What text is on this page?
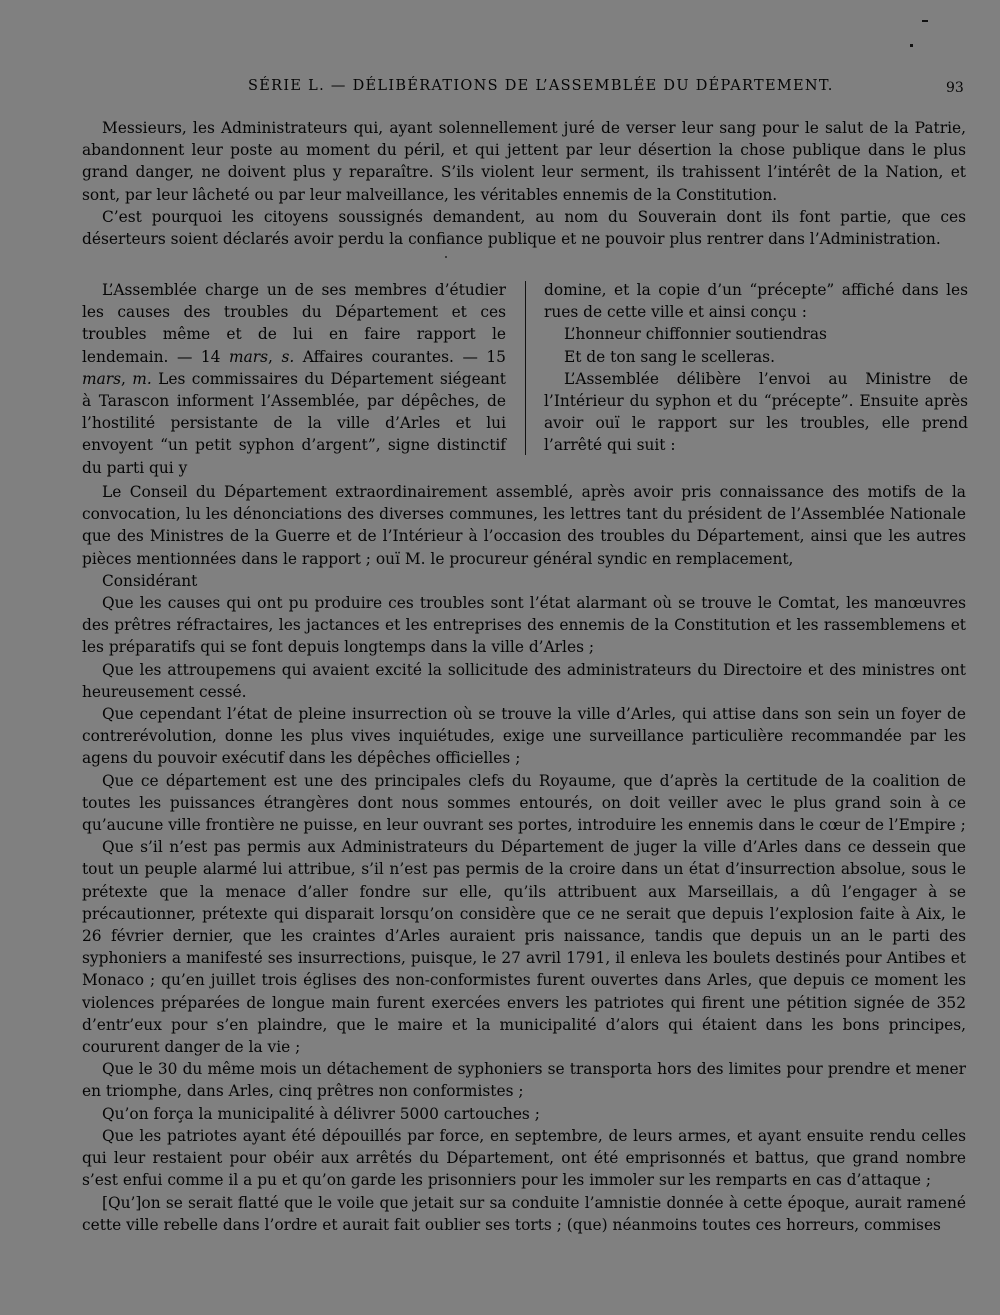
SÉRIE L. — DÉLIBÉRATIONS DE L’ASSEMBLÉE DU DÉPARTEMENT.	93

Messieurs, les Administrateurs qui, ayant solennellement juré de verser leur sang pour le salut de la Patrie, abandonnent leur poste au moment du péril, et qui jettent par leur désertion la chose publique dans le plus grand danger, ne doivent plus y reparaître. S’ils violent leur serment, ils trahissent l’intérêt de la Nation, et sont, par leur lâcheté ou par leur malveillance, les véritables ennemis de la Constitution.

C’est pourquoi les citoyens soussignés demandent, au nom du Souverain dont ils font partie, que ces déserteurs soient déclarés avoir perdu la confiance publique et ne pouvoir plus rentrer dans l’Administration.

L’Assemblée charge un de ses membres d’étudier les causes des troubles du Département et ces troubles même et de lui en faire rapport le lendemain. — 14 mars, s. Affaires courantes. — 15 mars, m. Les commissaires du Département siégeant à Tarascon informent l’Assemblée, par dépêches, de l’hostilité persistante de la ville d’Arles et lui envoyent “un petit syphon d’argent”, signe distinctif du parti qui y

domine, et la copie d’un “précepte” affiché dans les rues de cette ville et ainsi conçu :

L’honneur chiffonnier soutiendras

Et de ton sang le scelleras.

L’Assemblée délibère l’envoi au Ministre de l’Intérieur du syphon et du “précepte”. Ensuite après avoir ouï le rapport sur les troubles, elle prend l’arrêté qui suit :

Le Conseil du Département extraordinairement assemblé, après avoir pris connaissance des motifs de la convocation, lu les dénonciations des diverses communes, les lettres tant du président de l’Assemblée Nationale que des Ministres de la Guerre et de l’Intérieur à l’occasion des troubles du Département, ainsi que les autres pièces mentionnées dans le rapport ; ouï M. le procureur général syndic en remplacement,

Considérant

Que les causes qui ont pu produire ces troubles sont l’état alarmant où se trouve le Comtat, les manœuvres des prêtres réfractaires, les jactances et les entreprises des ennemis de la Constitution et les rassemblemens et les préparatifs qui se font depuis longtemps dans la ville d’Arles ;

Que les attroupemens qui avaient excité la sollicitude des administrateurs du Directoire et des ministres ont heureusement cessé.

Que cependant l’état de pleine insurrection où se trouve la ville d’Arles, qui attise dans son sein un foyer de contrerévolution, donne les plus vives inquiétudes, exige une surveillance particulière recommandée par les agens du pouvoir exécutif dans les dépêches officielles ;

Que ce département est une des principales clefs du Royaume, que d’après la certitude de la coalition de toutes les puissances étrangères dont nous sommes entourés, on doit veiller avec le plus grand soin à ce qu’aucune ville frontière ne puisse, en leur ouvrant ses portes, introduire les ennemis dans le cœur de l’Empire ;

Que s’il n’est pas permis aux Administrateurs du Département de juger la ville d’Arles dans ce dessein que tout un peuple alarmé lui attribue, s’il n’est pas permis de la croire dans un état d’insurrection absolue, sous le prétexte que la menace d’aller fondre sur elle, qu’ils attribuent aux Marseillais, a dû l’engager à se précautionner, prétexte qui disparait lorsqu’on considère que ce ne serait que depuis l’explosion faite à Aix, le 26 février dernier, que les craintes d’Arles auraient pris naissance, tandis que depuis un an le parti des syphoniers a manifesté ses insurrections, puisque, le 27 avril 1791, il enleva les boulets destinés pour Antibes et Monaco ; qu’en juillet trois églises des non-conformistes furent ouvertes dans Arles, que depuis ce moment les violences préparées de longue main furent exercées envers les patriotes qui firent une pétition signée de 352 d’entr’eux pour s’en plaindre, que le maire et la municipalité d’alors qui étaient dans les bons principes, coururent danger de la vie ;

Que le 30 du même mois un détachement de syphoniers se transporta hors des limites pour prendre et mener en triomphe, dans Arles, cinq prêtres non conformistes ;

Qu’on força la municipalité à délivrer 5000 cartouches ;

Que les patriotes ayant été dépouillés par force, en septembre, de leurs armes, et ayant ensuite rendu celles qui leur restaient pour obéir aux arrêtés du Département, ont été emprisonnés et battus, que grand nombre s’est enfui comme il a pu et qu’on garde les prisonniers pour les immoler sur les remparts en cas d’attaque ;

[Qu’]on se serait flatté que le voile que jetait sur sa conduite l’amnistie donnée à cette époque, aurait ramené cette ville rebelle dans l’ordre et aurait fait oublier ses torts ; (que) néanmoins toutes ces horreurs, commises
